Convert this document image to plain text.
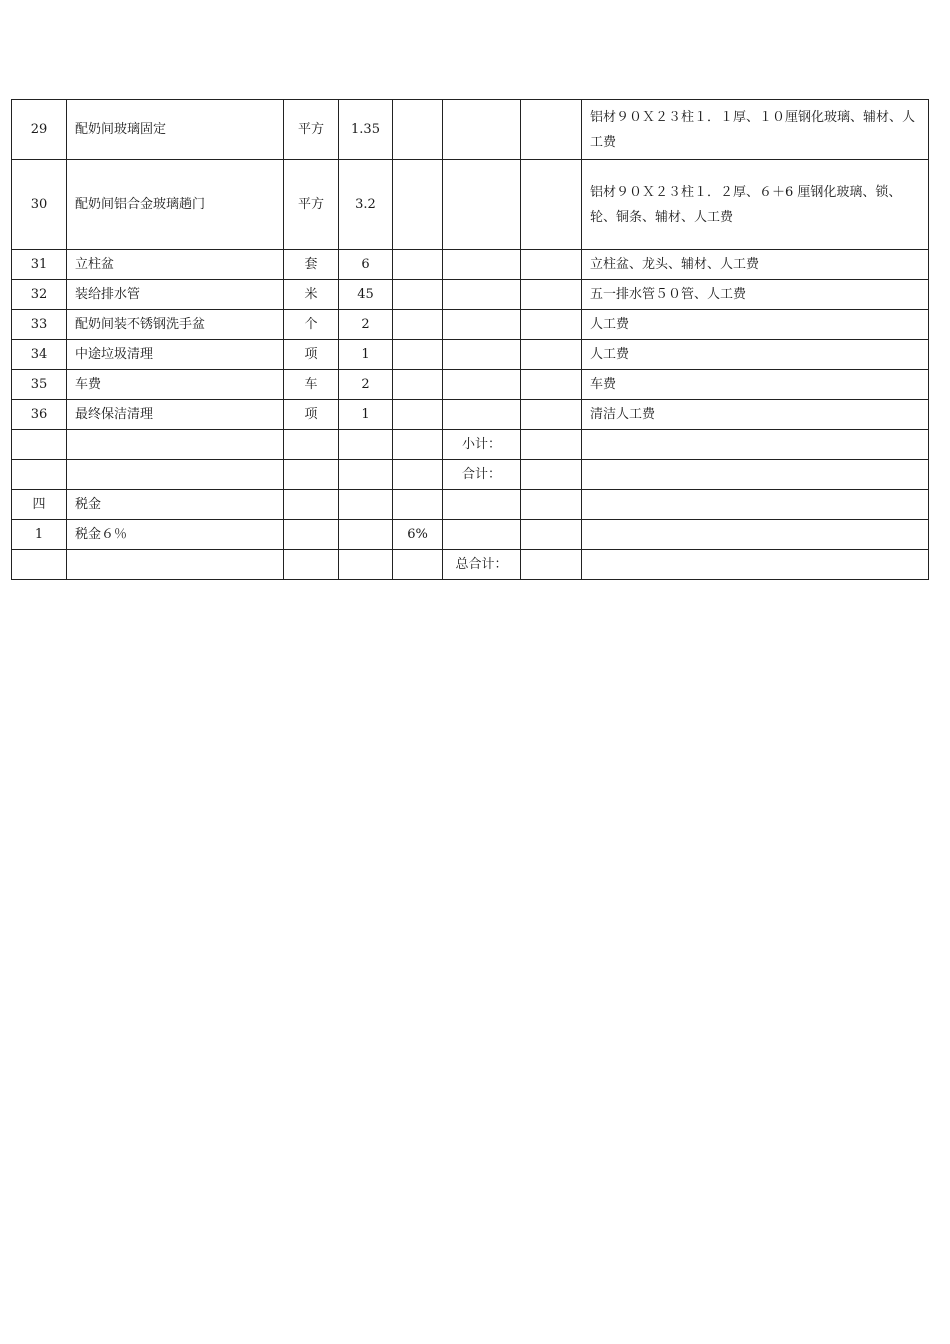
29	配奶间玻璃固定	平方	1.35				铝材９０Ｘ２３柱１．１厚、１０厘钢化玻璃、辅材、人工费
30	配奶间铝合金玻璃趟门	平方	3.2				铝材９０Ｘ２３柱１．２厚、６＋6 厘钢化玻璃、锁、轮、铜条、辅材、人工费
31	立柱盆	套	6				立柱盆、龙头、辅材、人工费
32	装给排水管	米	45				五一排水管５０管、人工费
33	配奶间装不锈钢洗手盆	个	2				人工费
34	中途垃圾清理	项	1				人工费
35	车费	车	2				车费
36	最终保洁清理	项	1				清洁人工费
					小计：		
					合计：		
四	税金						
1	税金６％			6%			
					总合计：		
